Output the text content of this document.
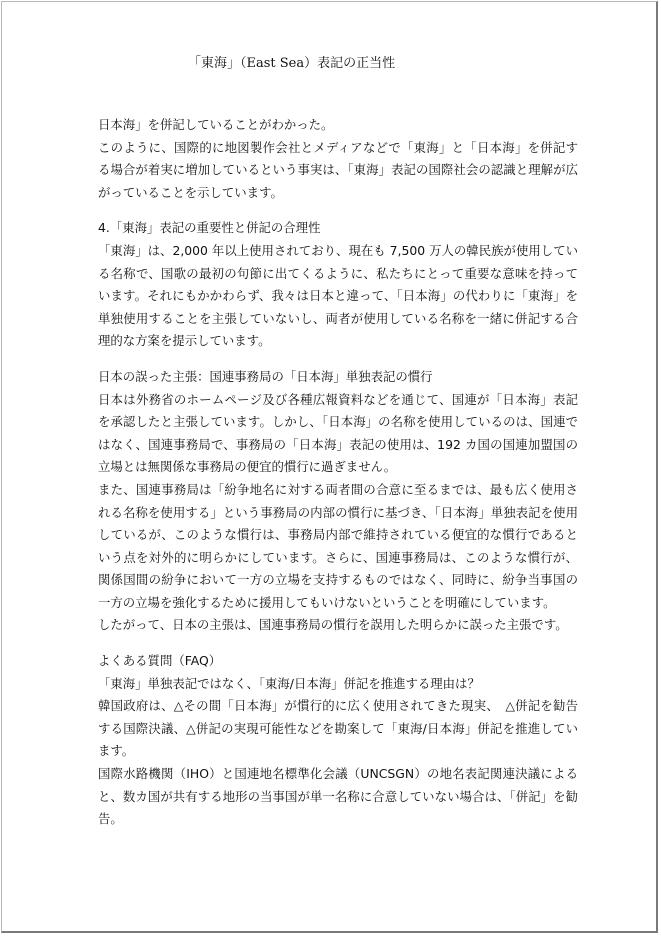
「東海」（East Sea）表記の正当性

日本海」を併記していることがわかった。

このように、国際的に地図製作会社とメディアなどで「東海」と「日本海」を併記する場合が着実に増加しているという事実は、「東海」表記の国際社会の認識と理解が広がっていることを示しています。

4.「東海」表記の重要性と併記の合理性

「東海」は、2,000 年以上使用されており、現在も 7,500 万人の韓民族が使用している名称で、国歌の最初の句節に出てくるように、私たちにとって重要な意味を持っています。それにもかかわらず、我々は日本と違って、「日本海」の代わりに「東海」を単独使用することを主張していないし、両者が使用している名称を一緒に併記する合理的な方案を提示しています。

日本の誤った主張：国連事務局の「日本海」単独表記の慣行

日本は外務省のホームページ及び各種広報資料などを通じて、国連が「日本海」表記を承認したと主張しています。しかし、「日本海」の名称を使用しているのは、国連ではなく、国連事務局で、事務局の「日本海」表記の使用は、192 カ国の国連加盟国の立場とは無関係な事務局の便宜的慣行に過ぎません。

また、国連事務局は「紛争地名に対する両者間の合意に至るまでは、最も広く使用される名称を使用する」という事務局の内部の慣行に基づき、「日本海」単独表記を使用しているが、このような慣行は、事務局内部で維持されている便宜的な慣行であるという点を対外的に明らかにしています。さらに、国連事務局は、このような慣行が、関係国間の紛争において一方の立場を支持するものではなく、同時に、紛争当事国の一方の立場を強化するために援用してもいけないということを明確にしています。

したがって、日本の主張は、国連事務局の慣行を誤用した明らかに誤った主張です。

よくある質問（FAQ）

「東海」単独表記ではなく、「東海/日本海」併記を推進する理由は？

韓国政府は、△その間「日本海」が慣行的に広く使用されてきた現実、　△併記を勧告する国際決議、△併記の実現可能性などを勘案して「東海/日本海」併記を推進しています。

国際水路機関（IHO）と国連地名標準化会議（UNCSGN）の地名表記関連決議によると、数カ国が共有する地形の当事国が単一名称に合意していない場合は、「併記」を勧告。
